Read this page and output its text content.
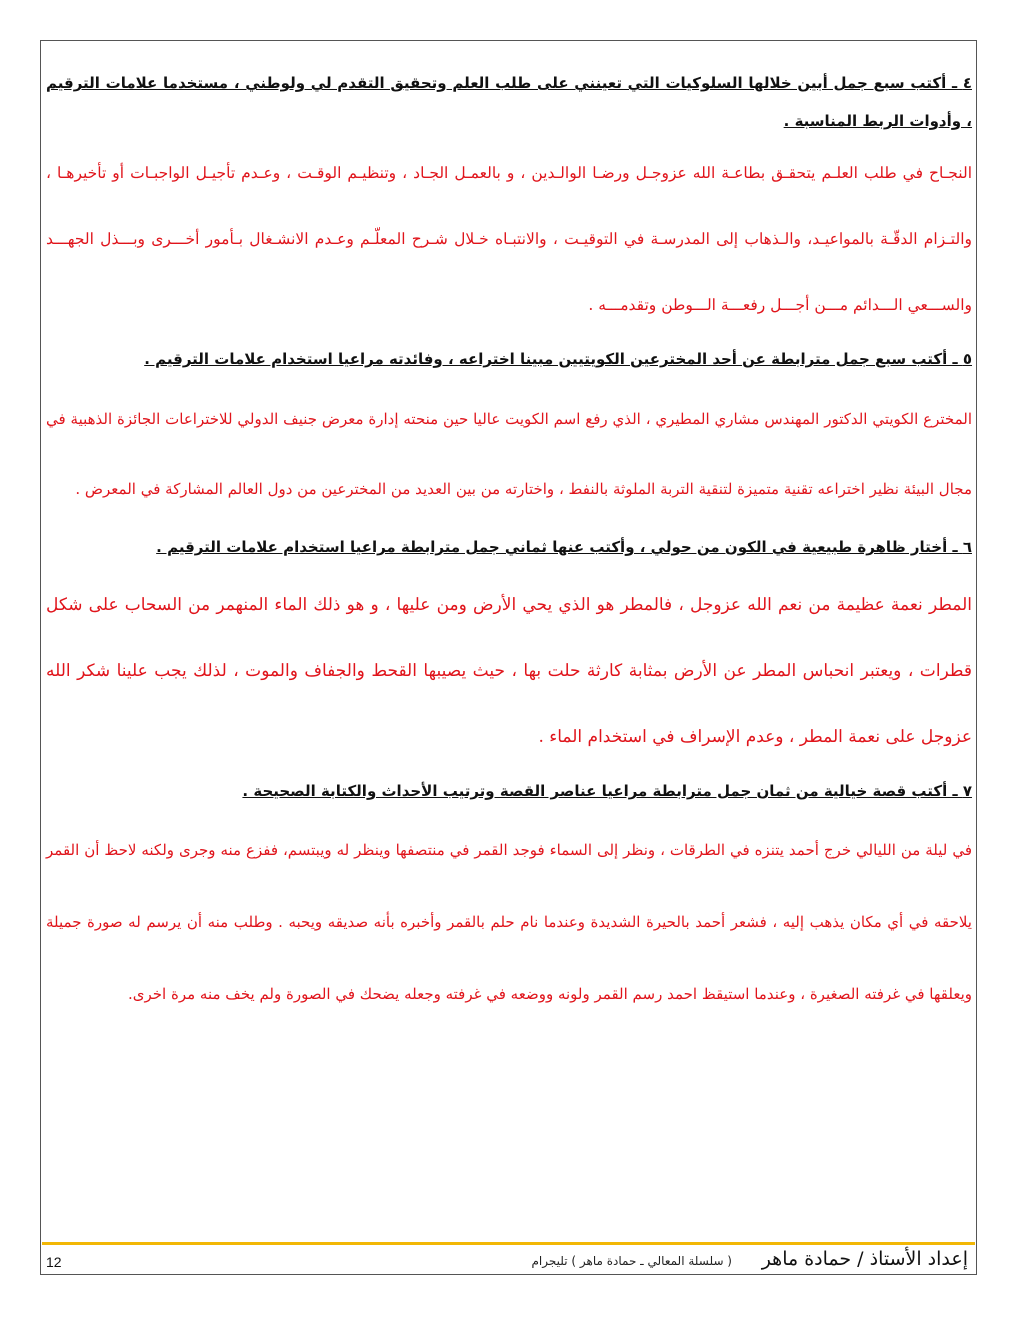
٤ ـ أكتب سبع جمل أبين خلالها السلوكيات التي تعينني على طلب العلم وتحقيق التقدم لي ولوطني ، مستخدما علامات الترقيم ، وأدوات الربط المناسبة .
النجـاح في طلب العلـم يتحقـق بطاعـة الله عزوجـل ورضـا الوالـدين ، و بالعمـل الجـاد ، وتنظيـم الوقـت ، وعـدم تأجيـل الواجبـات أو تأخيرهـا ، والتـزام الدقّـة بالمواعيـد، والـذهاب إلى المدرسـة في التوقيـت ، والانتبـاه خـلال شـرح المعلّـم وعـدم الانشـغال بـأمور أخـــرى وبـــذل الجهـــد والســـعي الـــدائم مـــن أجـــل رفعـــة الـــوطن وتقدمـــه .
٥ ـ أكتب سبع جمل مترابطة عن أحد المخترعين الكويتيين مبينا اختراعه ، وفائدته مراعيا استخدام علامات الترقيم .
المخترع الكويتي الدكتور المهندس مشاري المطيري ، الذي رفع اسم الكويت عاليا حين منحته إدارة معرض جنيف الدولي للاختراعات الجائزة الذهبية في مجال البيئة نظير اختراعه تقنية متميزة لتنقية التربة الملوثة بالنفط ، واختارته من بين العديد من المخترعين من دول العالم المشاركة في المعرض .
٦ ـ أختار ظاهرة طبيعية في الكون من حولي ، وأكتب عنها ثماني جمل مترابطة مراعيا استخدام علامات الترقيم .
المطر نعمة عظيمة من نعم الله عزوجل ، فالمطر هو الذي يحي الأرض ومن عليها ، و هو ذلك الماء المنهمر من السحاب على شكل قطرات ، ويعتبر انحباس المطر عن الأرض بمثابة كارثة حلت بها ، حيث يصيبها القحط والجفاف والموت ، لذلك يجب علينا شكر الله عزوجل على نعمة المطر ، وعدم الإسراف في استخدام الماء .
٧ ـ أكتب قصة خيالية من ثمان جمل مترابطة مراعيا عناصر القصة وترتيب الأحداث والكتابة الصحيحة .
في ليلة من الليالي خرج أحمد يتنزه في الطرقات ، ونظر إلى السماء فوجد القمر في منتصفها وينظر له ويبتسم، ففزع منه وجرى ولكنه لاحظ أن القمر يلاحقه في أي مكان يذهب إليه ، فشعر أحمد بالحيرة الشديدة وعندما نام حلم بالقمر وأخبره بأنه صديقه ويحبه . وطلب منه أن يرسم له صورة جميلة ويعلقها في غرفته الصغيرة ، وعندما استيقظ احمد رسم القمر ولونه ووضعه في غرفته وجعله يضحك في الصورة ولم يخف منه مرة اخرى.
إعداد الأستاذ / حمادة ماهر
( سلسلة المعالي ـ حمادة ماهر ) تليجرام
12
